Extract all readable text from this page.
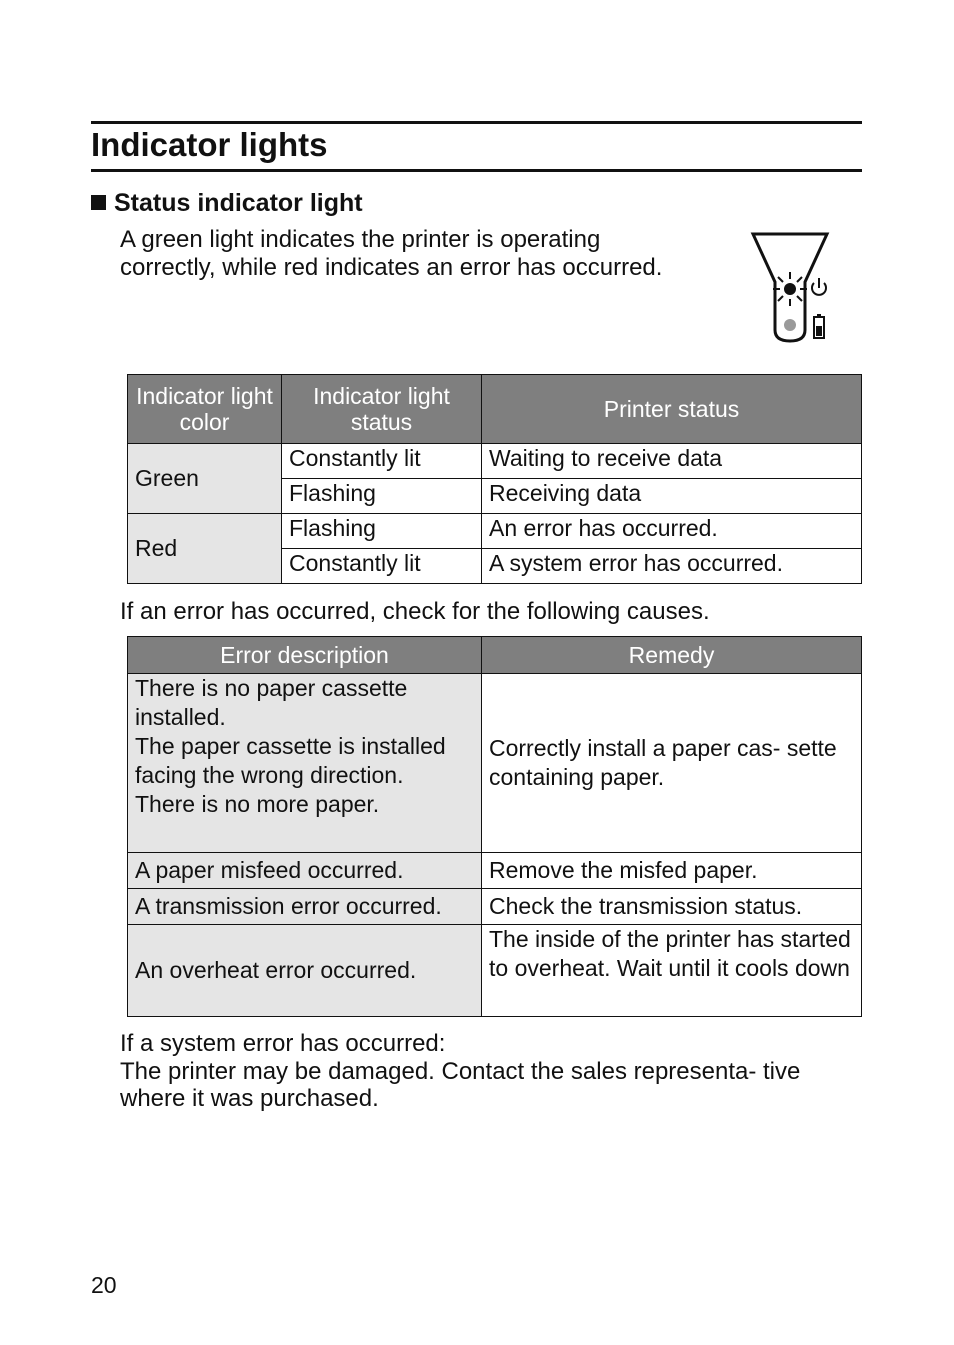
Indicator lights
Status indicator light

A green light indicates the printer is operating correctly, while red indicates an error has occurred.

Indicator light color	Indicator light status	Printer status
Green	Constantly lit	Waiting to receive data
	Flashing	Receiving data
Red	Flashing	An error has occurred.
	Constantly lit	A system error has occurred.

If an error has occurred, check for the following causes.

Error description	Remedy

There is no paper cassette installed.
The paper cassette is installed facing the wrong direction.
There is no more paper.	Correctly install a paper cas- sette containing paper.
A paper misfeed occurred.	Remove the misfed paper.
A transmission error occurred.	Check the transmission status.
An overheat error occurred.	The inside of the printer has started to overheat. Wait until it cools down
If a system error has occurred:
The printer may be damaged. Contact the sales representa- tive where it was purchased.
20
